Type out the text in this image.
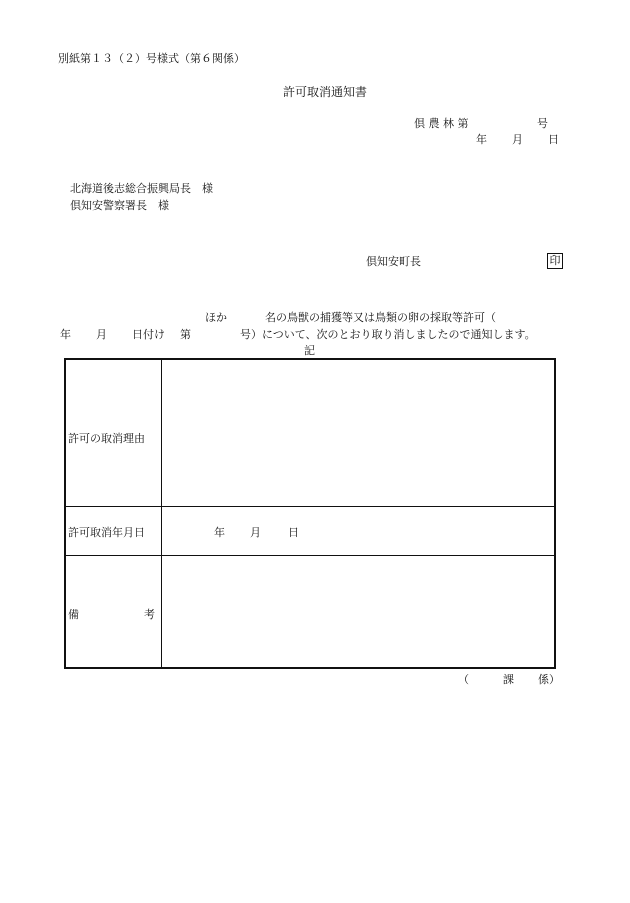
別紙第１３（２）号様式（第６関係）
許可取消通知書
倶 農 林 第	号
年 月 日
北海道後志総合振興局長　様
倶知安警察署長　様
倶知安町長	印
ほか	名の鳥獣の捕獲等又は鳥類の卵の採取等許可（
年 月 日付け 第	号）について、次のとおり取り消しましたので通知します。
記
許可の取消理由
許可取消年月日	年 月 日
備	考
（	課 係）
